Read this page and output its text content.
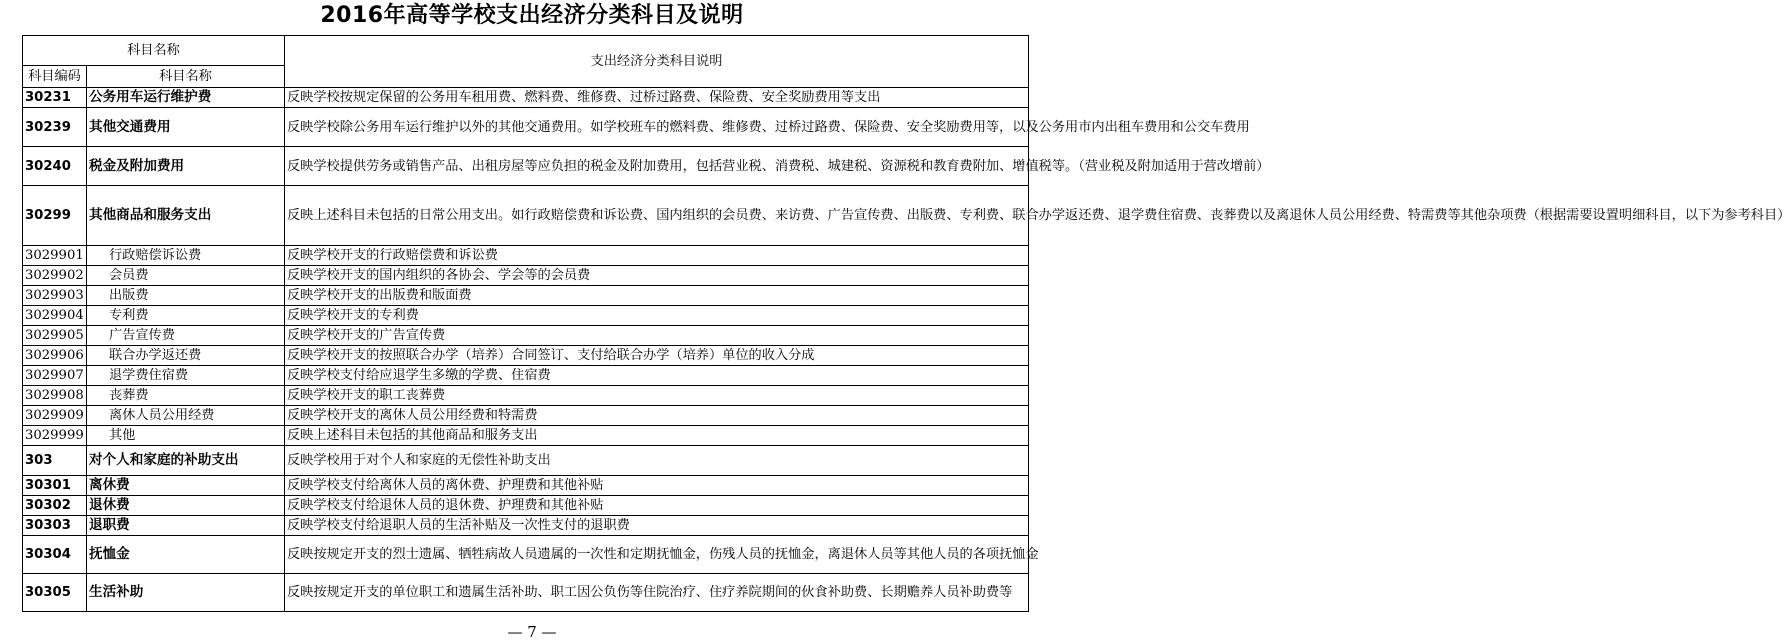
2016年高等学校支出经济分类科目及说明
科目名称		支出经济分类科目说明
科目编码	科目名称	
30231	公务用车运行维护费	反映学校按规定保留的公务用车租用费、燃料费、维修费、过桥过路费、保险费、安全奖励费用等支出
30239	其他交通费用	反映学校除公务用车运行维护以外的其他交通费用。如学校班车的燃料费、维修费、过桥过路费、保险费、安全奖励费用等，以及公务用市内出租车费用和公交车费用
30240	税金及附加费用	反映学校提供劳务或销售产品、出租房屋等应负担的税金及附加费用，包括营业税、消费税、城建税、资源税和教育费附加、增值税等。（营业税及附加适用于营改增前）
30299	其他商品和服务支出	反映上述科目未包括的日常公用支出。如行政赔偿费和诉讼费、国内组织的会员费、来访费、广告宣传费、出版费、专利费、联合办学返还费、退学费住宿费、丧葬费以及离退休人员公用经费、特需费等其他杂项费（根据需要设置明细科目，以下为参考科目）
3029901	行政赔偿诉讼费	反映学校开支的行政赔偿费和诉讼费
3029902	会员费	反映学校开支的国内组织的各协会、学会等的会员费
3029903	出版费	反映学校开支的出版费和版面费
3029904	专利费	反映学校开支的专利费
3029905	广告宣传费	反映学校开支的广告宣传费
3029906	联合办学返还费	反映学校开支的按照联合办学（培养）合同签订、支付给联合办学（培养）单位的收入分成
3029907	退学费住宿费	反映学校支付给应退学生多缴的学费、住宿费
3029908	丧葬费	反映学校开支的职工丧葬费
3029909	离休人员公用经费	反映学校开支的离休人员公用经费和特需费
3029999	其他	反映上述科目未包括的其他商品和服务支出
303	对个人和家庭的补助支出	反映学校用于对个人和家庭的无偿性补助支出
30301	离休费	反映学校支付给离休人员的离休费、护理费和其他补贴
30302	退休费	反映学校支付给退休人员的退休费、护理费和其他补贴
30303	退职费	反映学校支付给退职人员的生活补贴及一次性支付的退职费
30304	抚恤金	反映按规定开支的烈士遗属、牺牲病故人员遗属的一次性和定期抚恤金，伤残人员的抚恤金，离退休人员等其他人员的各项抚恤金
30305	生活补助	反映按规定开支的单位职工和遗属生活补助、职工因公负伤等住院治疗、住疗养院期间的伙食补助费、长期赡养人员补助费等
— 7 —
